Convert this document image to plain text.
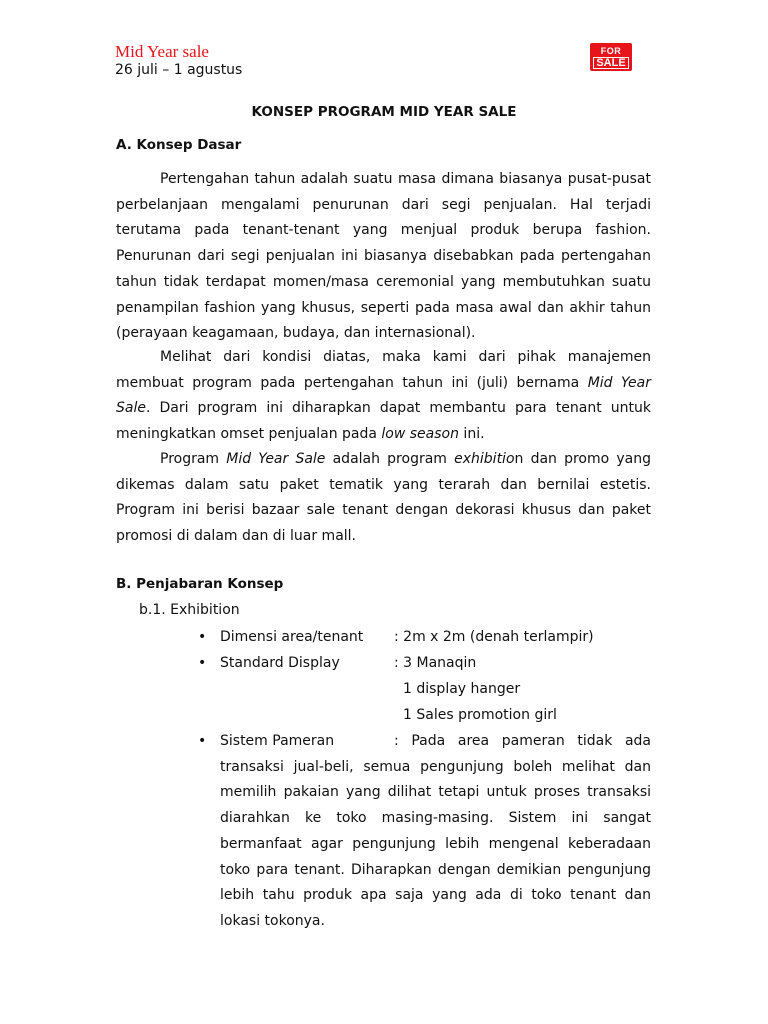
Mid Year sale
26 juli – 1 agustus
FOR
SALE
KONSEP PROGRAM MID YEAR SALE
A. Konsep Dasar

Pertengahan tahun adalah suatu masa dimana biasanya pusat-pusat perbelanjaan mengalami penurunan dari segi penjualan. Hal terjadi terutama pada tenant-tenant yang menjual produk berupa fashion. Penurunan dari segi penjualan ini biasanya disebabkan pada pertengahan tahun tidak terdapat momen/masa ceremonial yang membutuhkan suatu penampilan fashion yang khusus, seperti pada masa awal dan akhir tahun (perayaan keagamaan, budaya, dan internasional).

Melihat dari kondisi diatas, maka kami dari pihak manajemen membuat program pada pertengahan tahun ini (juli) bernama Mid Year Sale. Dari program ini diharapkan dapat membantu para tenant untuk meningkatkan omset penjualan pada low season ini.

Program Mid Year Sale adalah program exhibition dan promo yang dikemas dalam satu paket tematik yang terarah dan bernilai estetis. Program ini berisi bazaar sale tenant dengan dekorasi khusus dan paket promosi di dalam dan di luar mall.

B. Penjabaran Konsep
b.1. Exhibition
• Dimensi area/tenant : 2m x 2m (denah terlampir)
• Standard Display	: 3 Manaqin
1 display hanger
1 Sales promotion girl
• Sistem Pameran	: Pada area pameran tidak ada transaksi jual-beli, semua pengunjung boleh melihat dan memilih pakaian yang dilihat tetapi untuk proses transaksi diarahkan ke toko masing-masing. Sistem ini sangat bermanfaat agar pengunjung lebih mengenal keberadaan toko para tenant. Diharapkan dengan demikian pengunjung lebih tahu produk apa saja yang ada di toko tenant dan lokasi tokonya.
